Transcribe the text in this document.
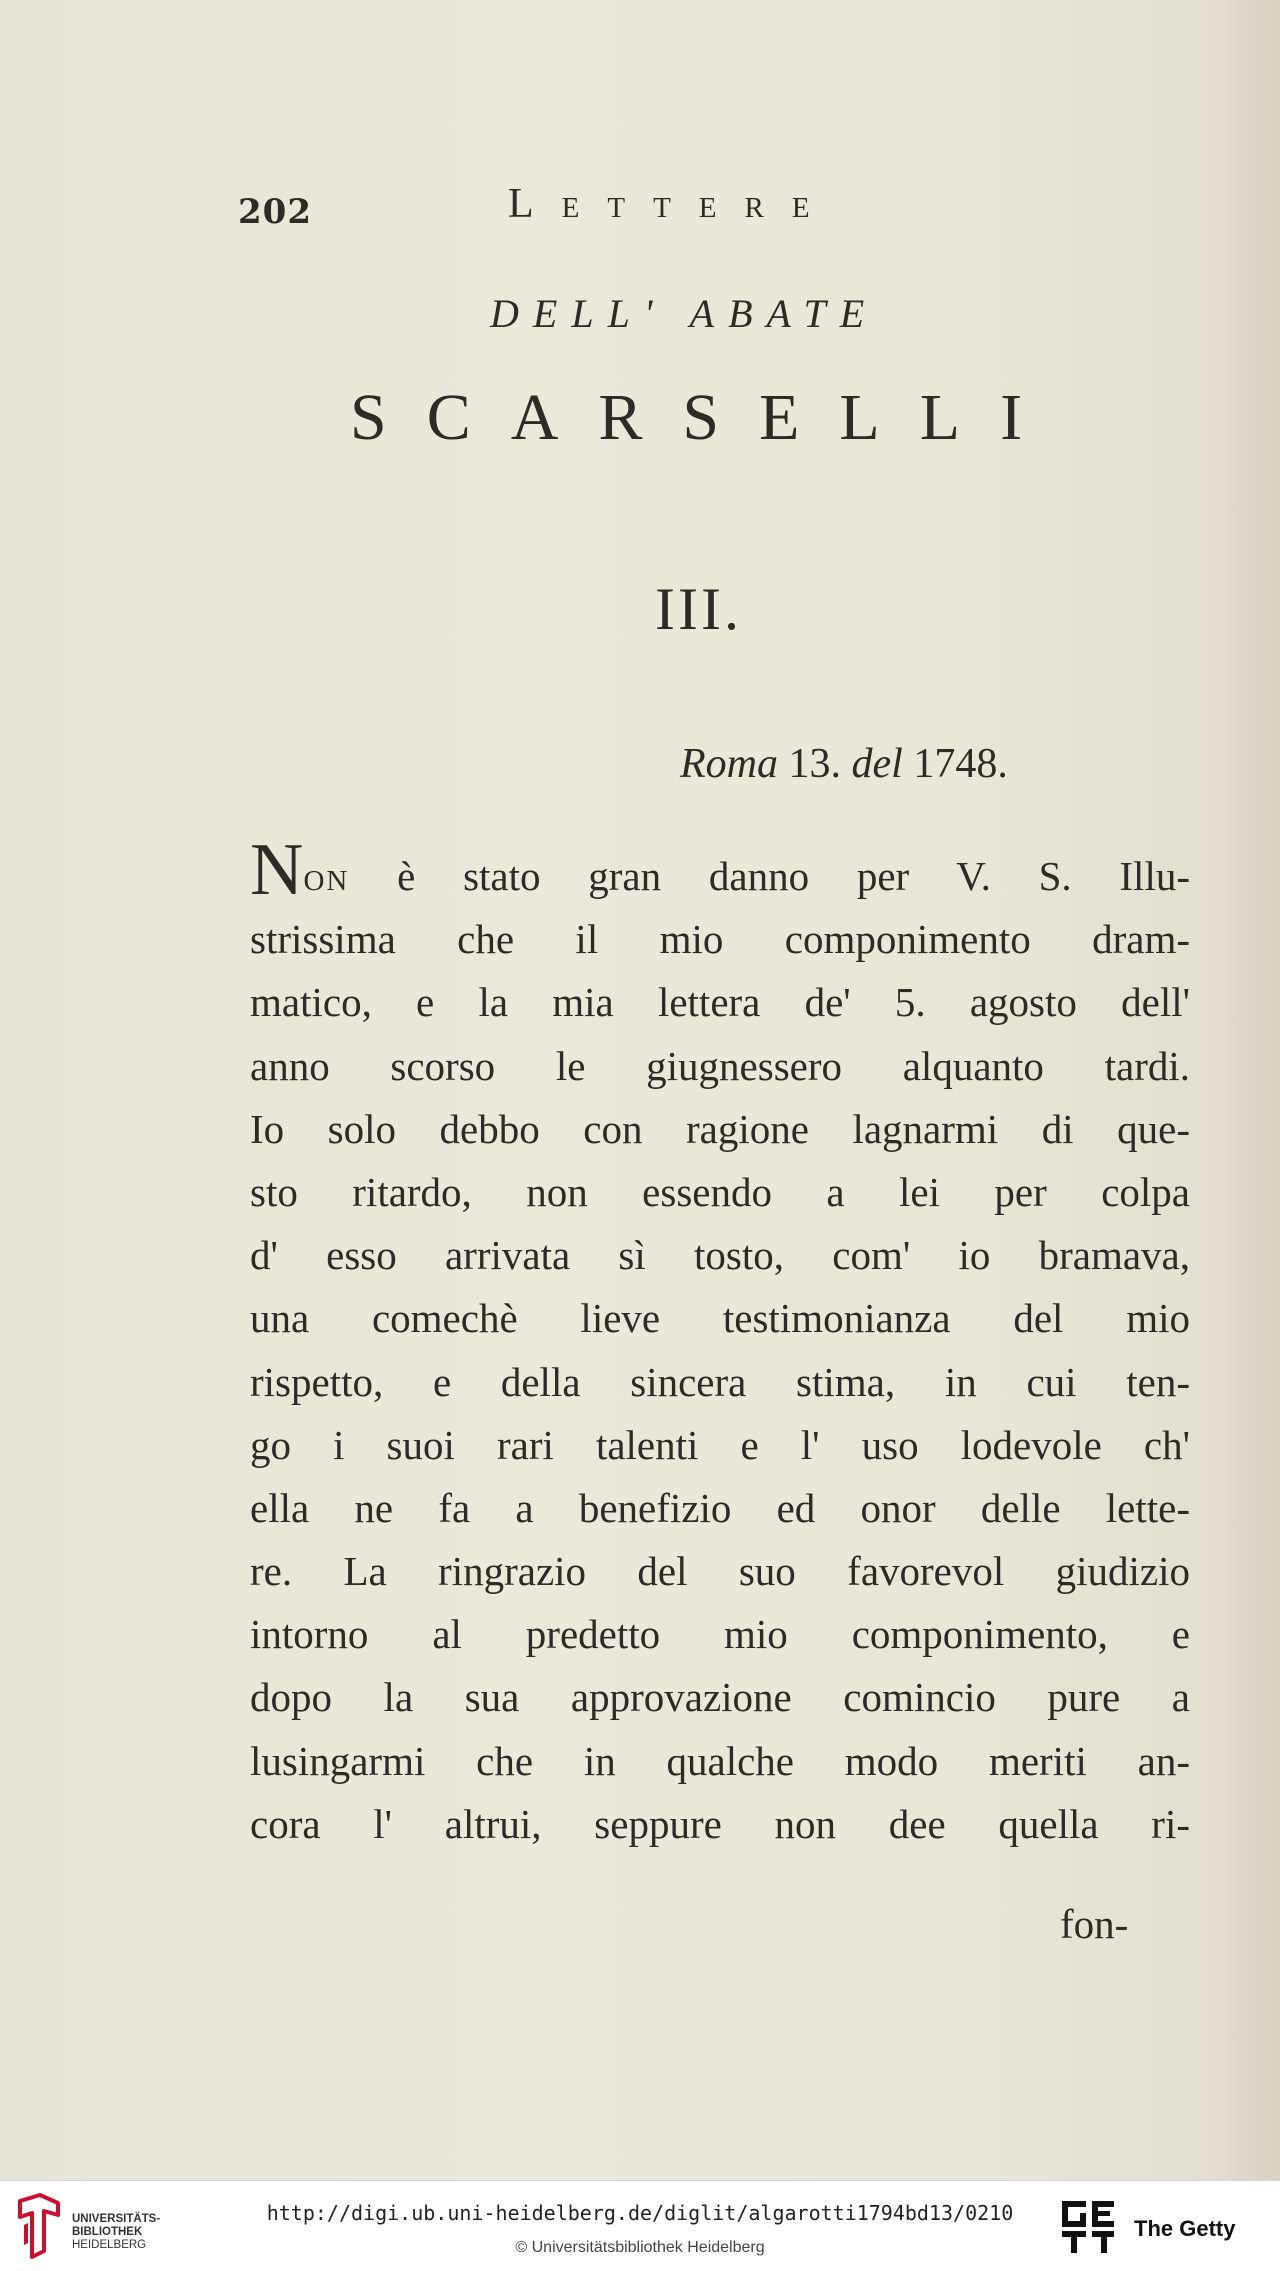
202	Lettere
DELL' ABATE
SCARSELLI
III.
Roma 13. del 1748.
Non è stato gran danno per V. S. Illu-
strissima che il mio componimento dram-
matico, e la mia lettera de' 5. agosto dell'
anno scorso le giugnessero alquanto tardi.
Io solo debbo con ragione lagnarmi di que-
sto ritardo, non essendo a lei per colpa
d' esso arrivata sì tosto, com' io bramava,
una comechè lieve testimonianza del mio
rispetto, e della sincera stima, in cui ten-
go i suoi rari talenti e l' uso lodevole ch'
ella ne fa a benefizio ed onor delle lette-
re. La ringrazio del suo favorevol giudizio
intorno al predetto mio componimento, e
dopo la sua approvazione comincio pure a
lusingarmi che in qualche modo meriti an-
cora l' altrui, seppure non dee quella ri-
fon-
UNIVERSITÄTS-
BIBLIOTHEK
HEIDELBERG
http://digi.ub.uni-heidelberg.de/diglit/algarotti1794bd13/0210
© Universitätsbibliothek Heidelberg
The Getty
